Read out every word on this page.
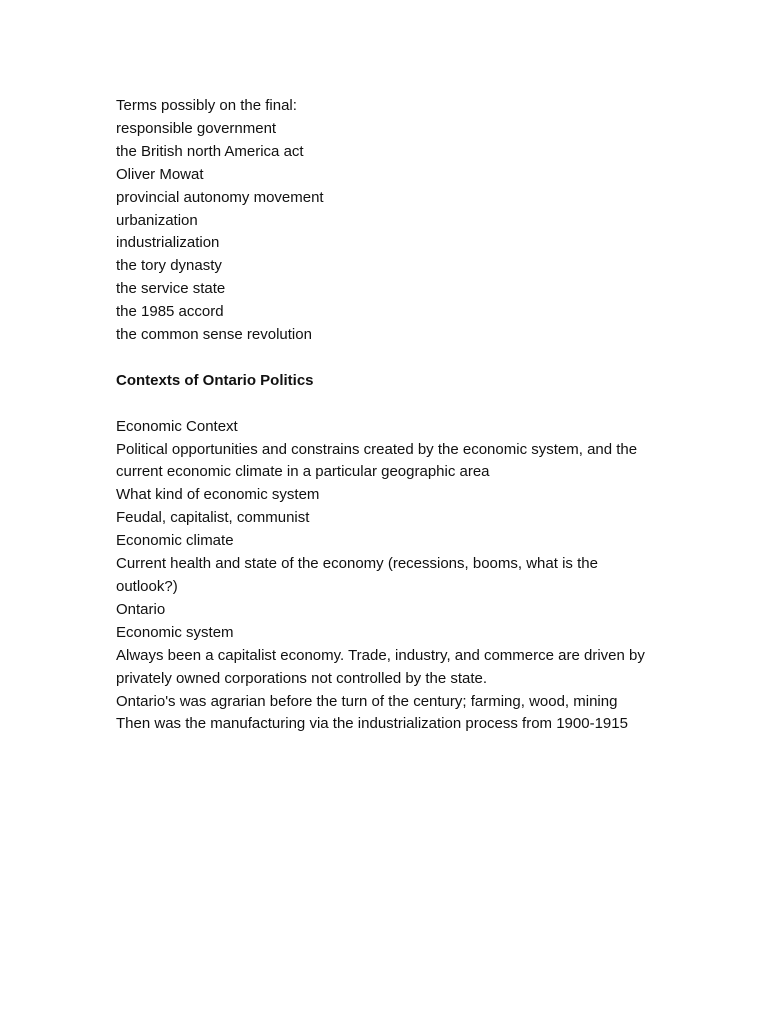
Terms possibly on the final:
responsible government
the British north America act
Oliver Mowat
provincial autonomy movement
urbanization
industrialization
the tory dynasty
the service state
the 1985 accord
the common sense revolution
Contexts of Ontario Politics
Economic Context
Political opportunities and constrains created by the economic system, and the current economic climate in a particular geographic area
What kind of economic system
Feudal, capitalist, communist
Economic climate
Current health and state of the economy (recessions, booms, what is the outlook?)
Ontario
Economic system
Always been a capitalist economy. Trade, industry, and commerce are driven by privately owned corporations not controlled by the state.
Ontario's was agrarian before the turn of the century; farming, wood, mining
Then was the manufacturing via the industrialization process from 1900-1915
